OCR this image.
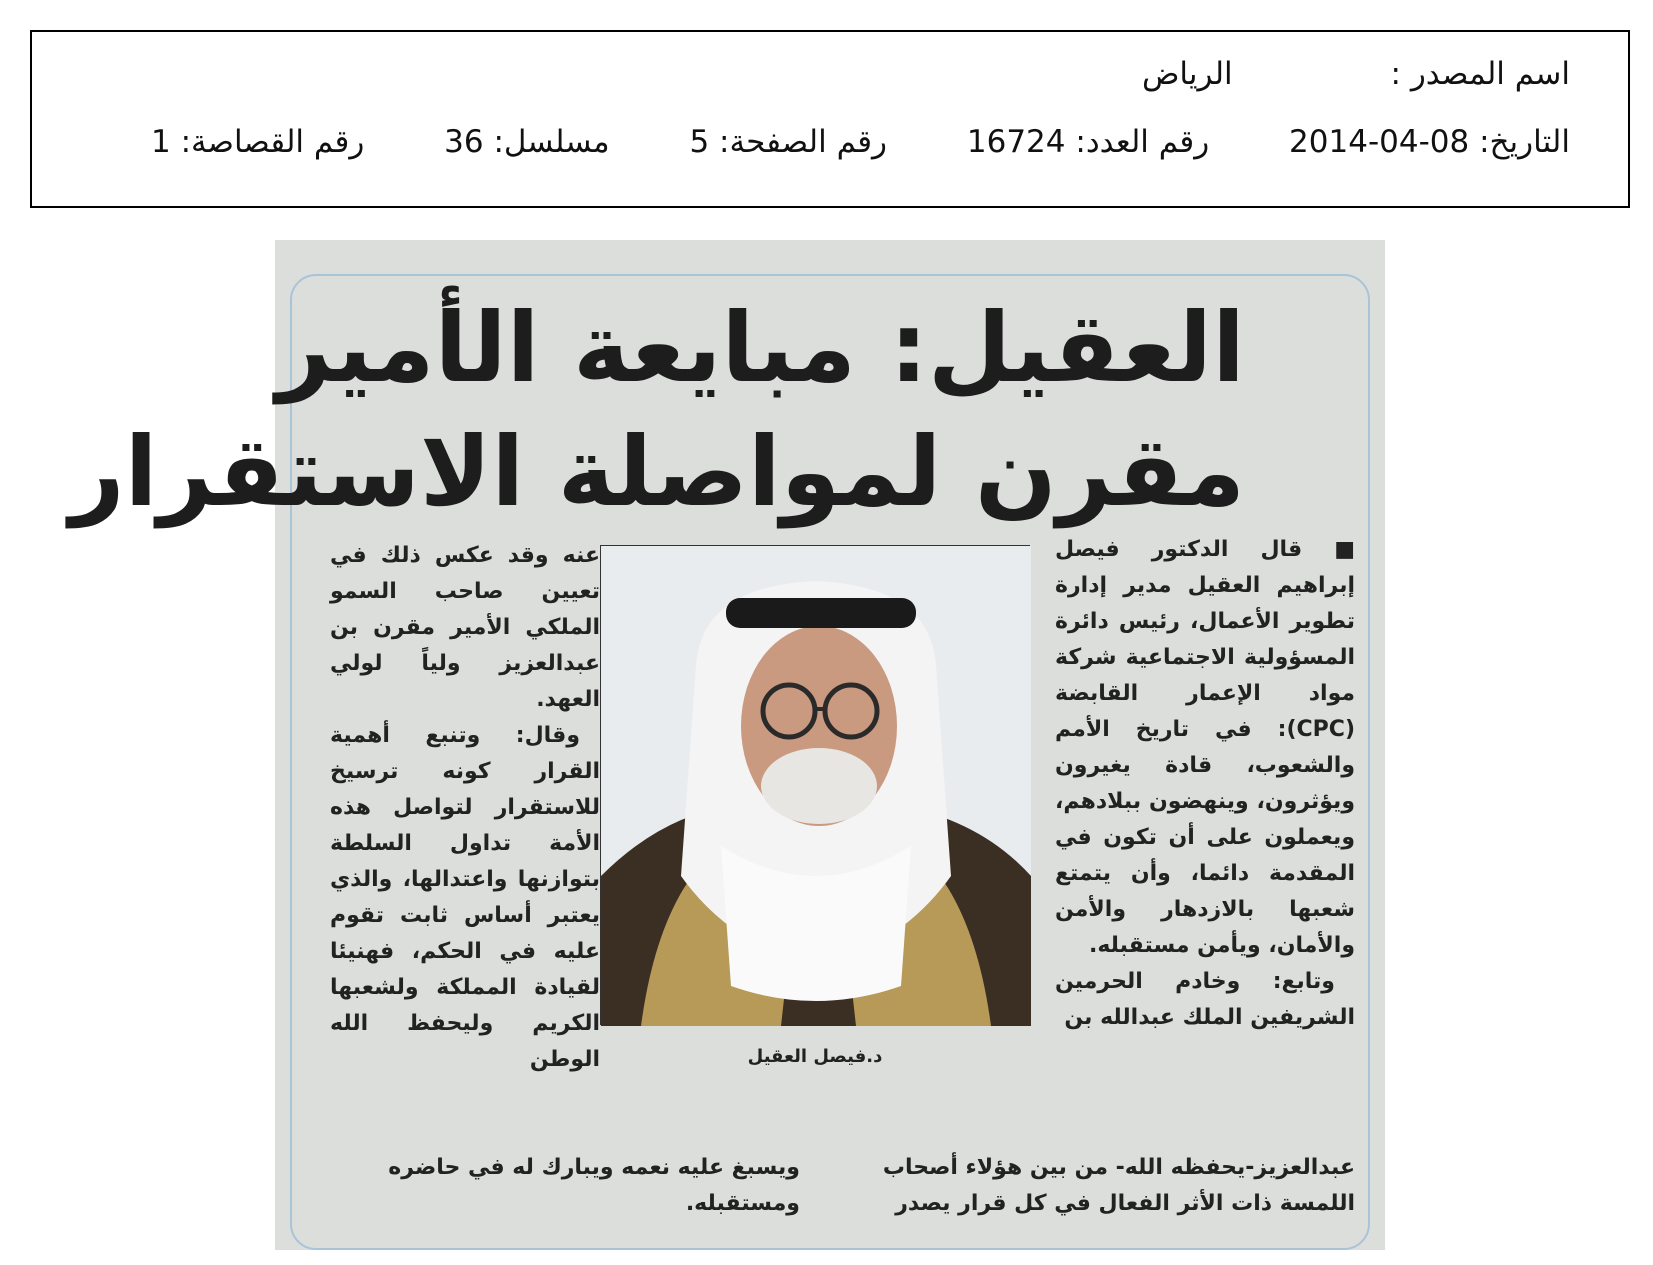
اسم المصدر : الرياض
التاريخ: 2014-04-08 رقم العدد: 16724 رقم الصفحة: 5 مسلسل: 36 رقم القصاصة: 1
العقيل: مبايعة الأمير
مقرن لمواصلة الاستقرار
■ قال الدكتور فيصل إبراهيم العقيل مدير إدارة تطوير الأعمال، رئيس دائرة المسؤولية الاجتماعية شركة مواد الإعمار القابضة (CPC): في تاريخ الأمم والشعوب، قادة يغيرون ويؤثرون، وينهضون ببلادهم، ويعملون على أن تكون في المقدمة دائما، وأن يتمتع شعبها بالازدهار والأمن والأمان، ويأمن مستقبله.
وتابع: وخادم الحرمين الشريفين الملك عبدالله بن
د.فيصل العقيل
عنه وقد عكس ذلك في تعيين صاحب السمو الملكي الأمير مقرن بن عبدالعزيز ولياً لولي العهد.
وقال: وتنبع أهمية القرار كونه ترسيخ للاستقرار لتواصل هذه الأمة تداول السلطة بتوازنها واعتدالها، والذي يعتبر أساس ثابت تقوم عليه في الحكم، فهنيئا لقيادة المملكة ولشعبها الكريم وليحفظ الله الوطن
عبدالعزيز-يحفظه الله- من بين هؤلاء أصحاب اللمسة ذات الأثر الفعال في كل قرار يصدر
ويسبغ عليه نعمه ويبارك له في حاضره ومستقبله.
